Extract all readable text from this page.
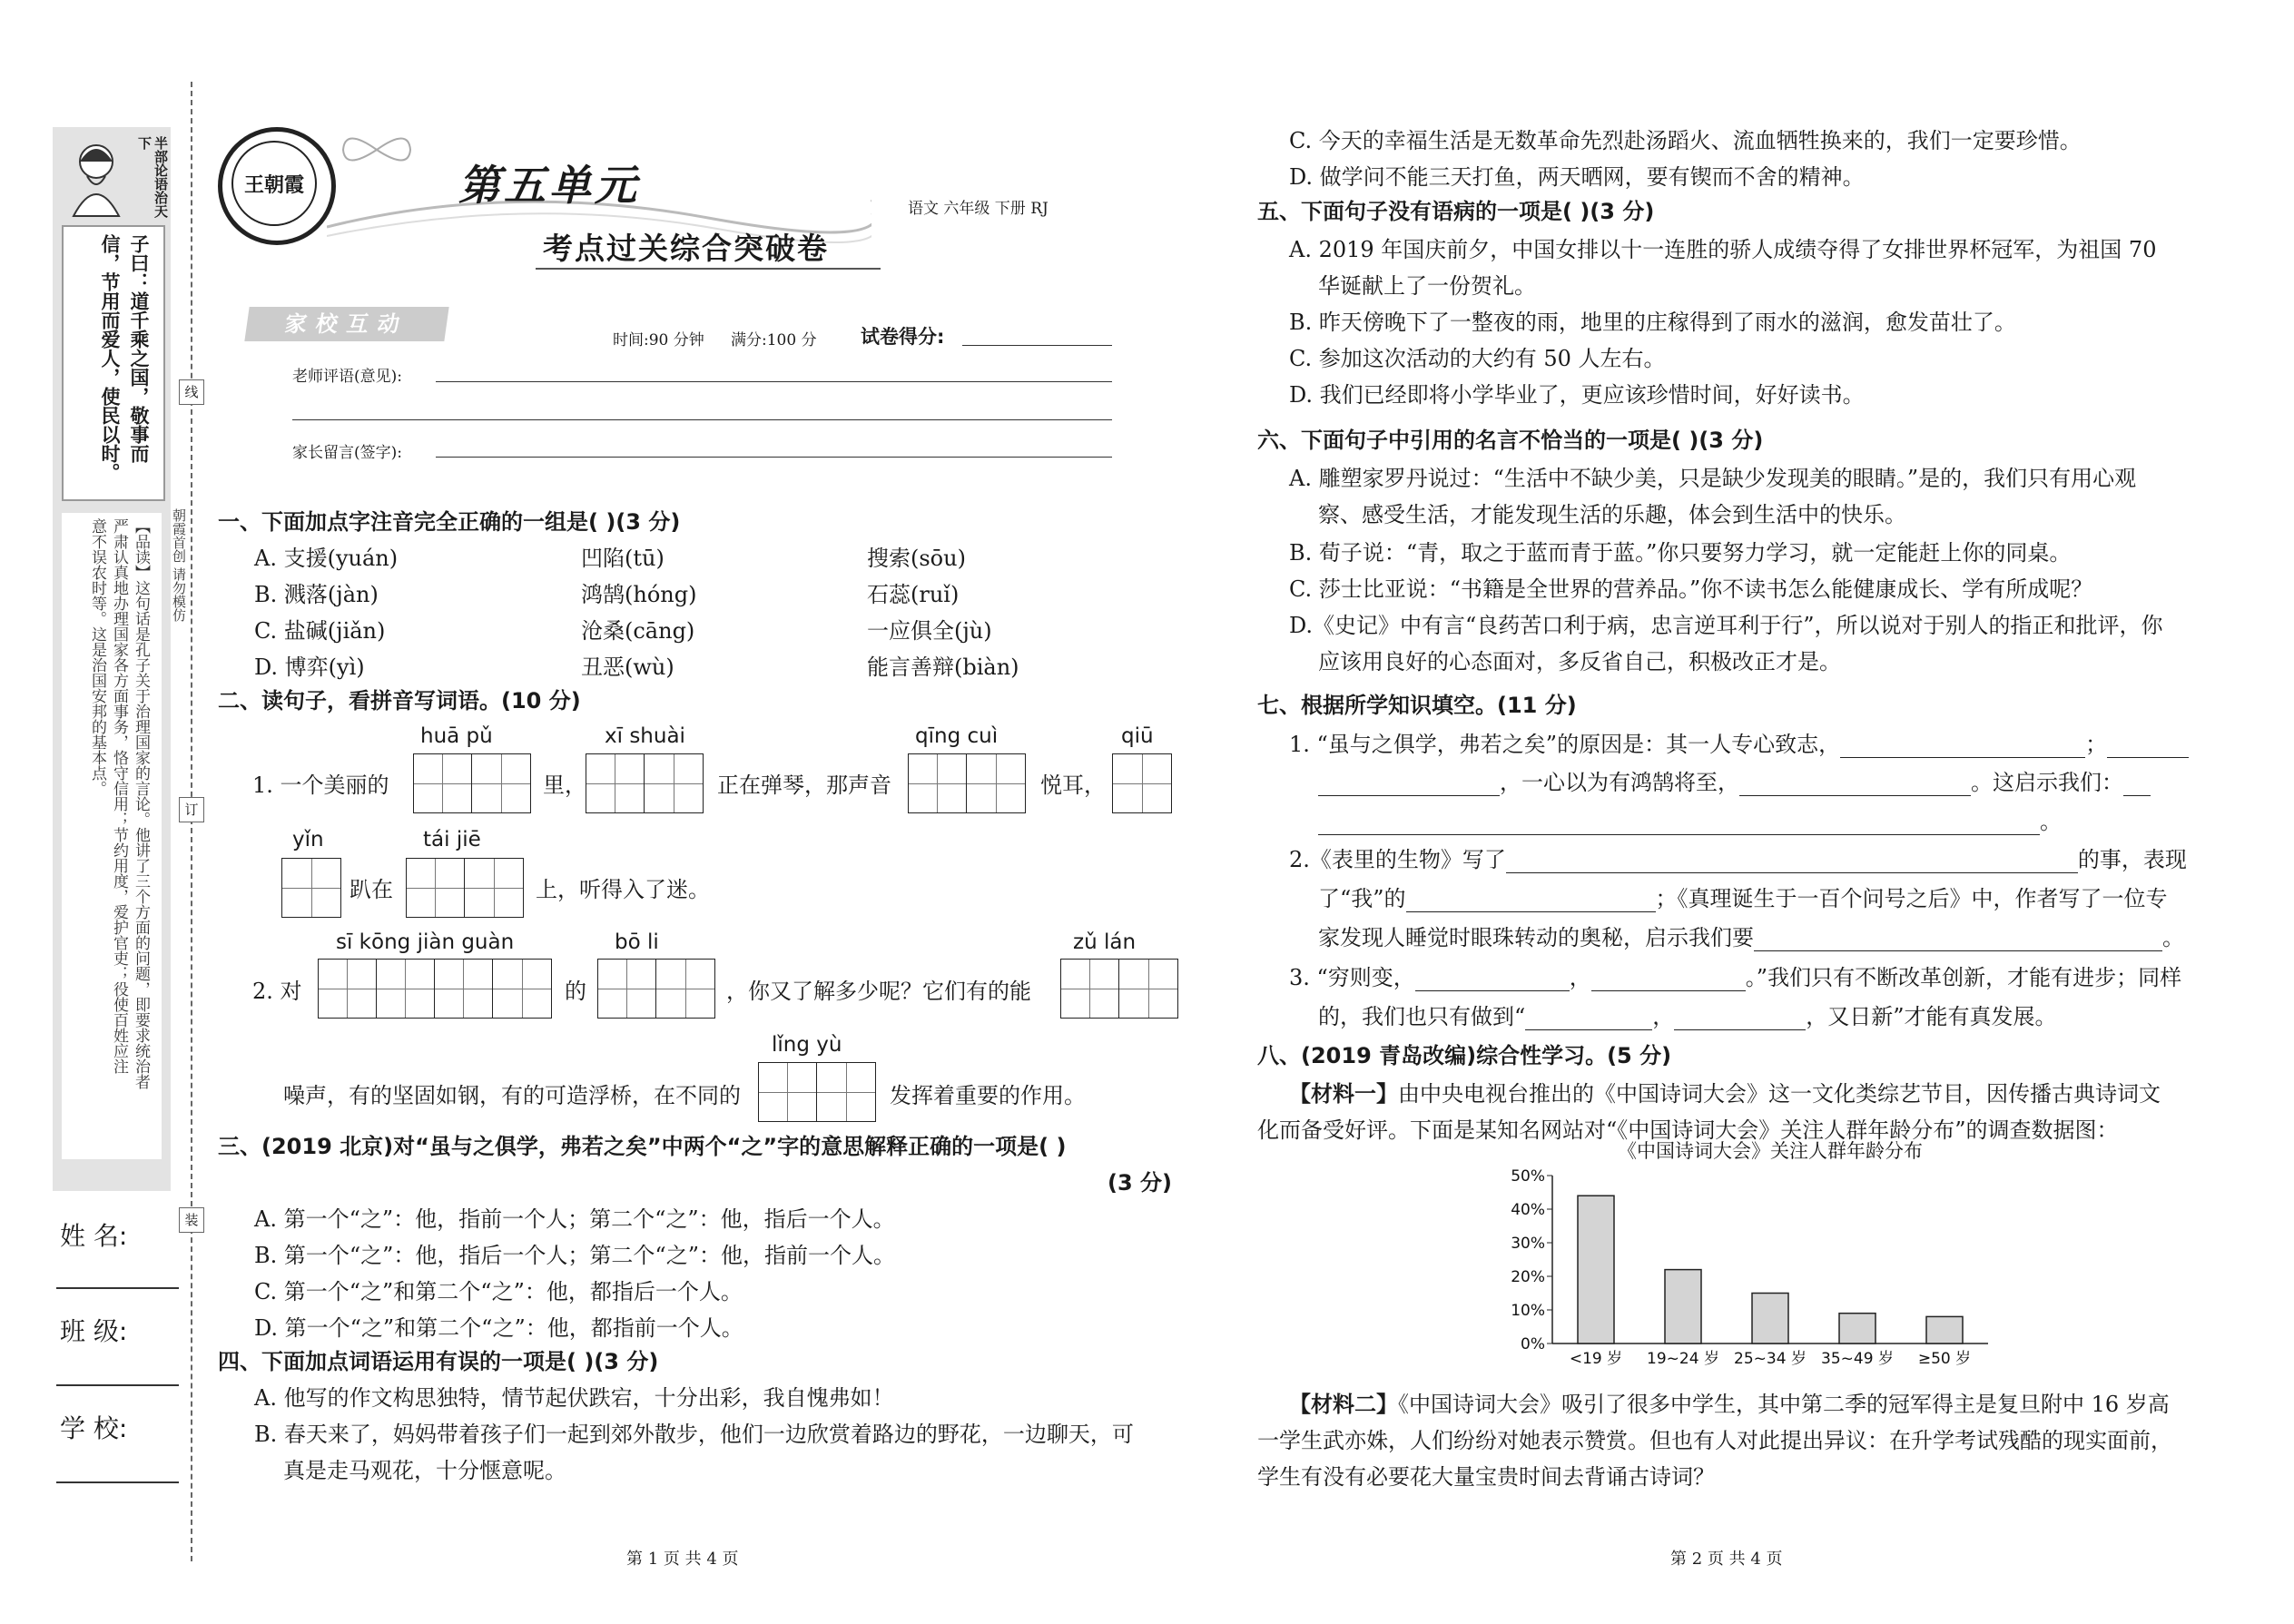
半部论语治天下
子曰：道千乘之国，敬事而
信，节用而爱人，使民以时。
【品读】这句话是孔子关于治理国家的言论。他讲了三个方面的问题，即要求统治者
严肃认真地办理国家各方面事务，恪守信用；节约用度，爱护官吏；役使百姓应注
意不误农时等。这是治国安邦的基本点。	朝霞首创 请勿模仿
线
订
装
姓 名:
班 级:
学 校:
王朝霞	第五单元
考点过关综合突破卷
语文 六年级 下册 RJ
家校互动
时间:90 分钟 满分:100 分 试卷得分:
老师评语(意见):
家长留言(签字):
一、下面加点字注音完全正确的一组是( )(3 分)
A. 支援(yuán)	凹陷(tū)	搜索(sōu)
B. 溅落(jàn)	鸿鹄(hóng)	石蕊(ruǐ)
C. 盐碱(jiǎn)	沧桑(cāng)	一应俱全(jù)
D. 博弈(yì)	丑恶(wù)	能言善辩(biàn)
二、读句子，看拼音写词语。(10 分)
huā pǔ	xī shuài	qīng cuì	qiū
1. 一个美丽的	里，	正在弹琴，那声音	悦耳，
yǐn	tái jiē
趴在	上，听得入了迷。
sī kōng jiàn guàn	bō li	zǔ lán
2. 对	的	，你又了解多少呢？它们有的能
lǐng yù
噪声，有的坚固如钢，有的可造浮桥，在不同的	发挥着重要的作用。
三、(2019 北京)对“虽与之俱学，弗若之矣”中两个“之”字的意思解释正确的一项是( )
(3 分)
A. 第一个“之”：他，指前一个人；第二个“之”：他，指后一个人。
B. 第一个“之”：他，指后一个人；第二个“之”：他，指前一个人。
C. 第一个“之”和第二个“之”：他，都指后一个人。
D. 第一个“之”和第二个“之”：他，都指前一个人。
四、下面加点词语运用有误的一项是( )(3 分)
A. 他写的作文构思独特，情节起伏跌宕，十分出彩，我自愧弗如！
B. 春天来了，妈妈带着孩子们一起到郊外散步，他们一边欣赏着路边的野花，一边聊天，可
真是走马观花，十分惬意呢。
第 1 页 共 4 页
C. 今天的幸福生活是无数革命先烈赴汤蹈火、流血牺牲换来的，我们一定要珍惜。
D. 做学问不能三天打鱼，两天晒网，要有锲而不舍的精神。
五、下面句子没有语病的一项是( )(3 分)
A. 2019 年国庆前夕，中国女排以十一连胜的骄人成绩夺得了女排世界杯冠军，为祖国 70
华诞献上了一份贺礼。
B. 昨天傍晚下了一整夜的雨，地里的庄稼得到了雨水的滋润，愈发苗壮了。
C. 参加这次活动的大约有 50 人左右。
D. 我们已经即将小学毕业了，更应该珍惜时间，好好读书。
六、下面句子中引用的名言不恰当的一项是( )(3 分)
A. 雕塑家罗丹说过：“生活中不缺少美，只是缺少发现美的眼睛。”是的，我们只有用心观
察、感受生活，才能发现生活的乐趣，体会到生活中的快乐。
B. 荀子说：“青，取之于蓝而青于蓝。”你只要努力学习，就一定能赶上你的同桌。
C. 莎士比亚说：“书籍是全世界的营养品。”你不读书怎么能健康成长、学有所成呢？
D.《史记》中有言“良药苦口利于病，忠言逆耳利于行”，所以说对于别人的指正和批评，你
应该用良好的心态面对，多反省自己，积极改正才是。
七、根据所学知识填空。(11 分)
1. “虽与之俱学，弗若之矣”的原因是：其一人专心致志，	；
，一心以为有鸿鹄将至，	。这启示我们：
。
2.《表里的生物》写了	的事，表现
了“我”的	；《真理诞生于一百个问号之后》中，作者写了一位专
家发现人睡觉时眼珠转动的奥秘，启示我们要	。
3. “穷则变，	，	。”我们只有不断改革创新，才能有进步；同样
的，我们也只有做到“	，	，又日新”才能有真发展。
八、(2019 青岛改编)综合性学习。(5 分)
【材料一】由中央电视台推出的《中国诗词大会》这一文化类综艺节目，因传播古典诗词文
化而备受好评。下面是某知名网站对“《中国诗词大会》关注人群年龄分布”的调查数据图：
《中国诗词大会》关注人群年龄分布
0%
10%
20%
30%
40%
50%
<19 岁 19~24 岁 25~34 岁 35~49 岁 ≥50 岁
【材料二】《中国诗词大会》吸引了很多中学生，其中第二季的冠军得主是复旦附中 16 岁高
一学生武亦姝，人们纷纷对她表示赞赏。但也有人对此提出异议：在升学考试残酷的现实面前，
学生有没有必要花大量宝贵时间去背诵古诗词？
第 2 页 共 4 页
